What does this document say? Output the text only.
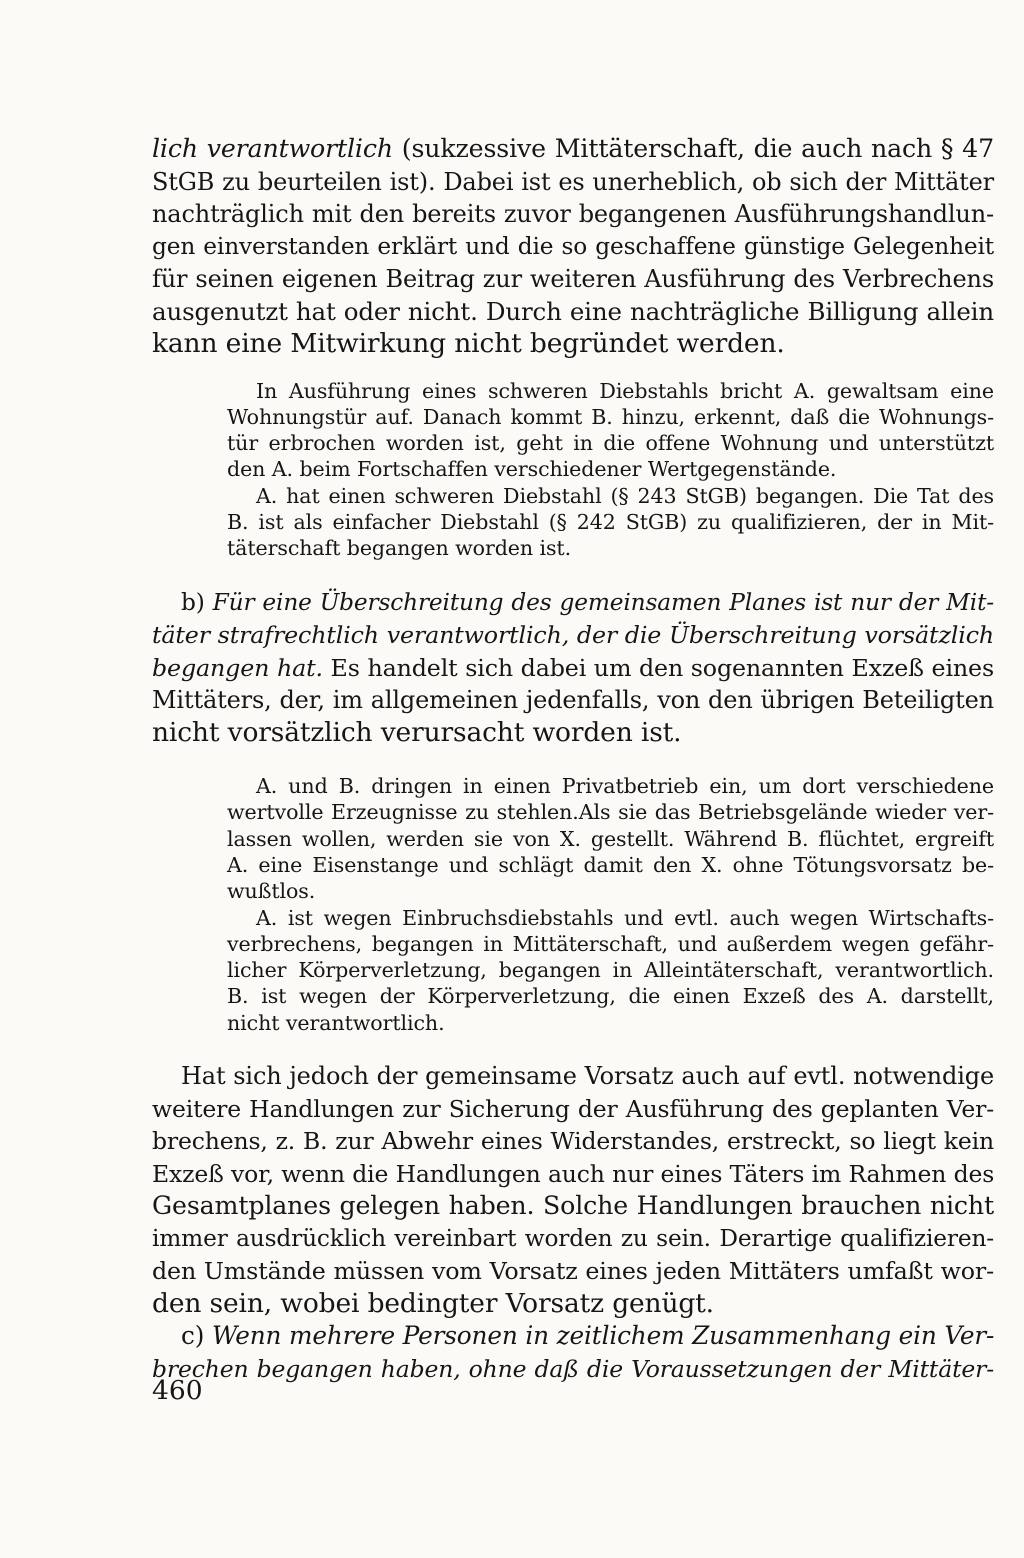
lich verantwortlich (sukzessive Mittäterschaft, die auch nach § 47
StGB zu beurteilen ist). Dabei ist es unerheblich, ob sich der Mittäter
nachträglich mit den bereits zuvor begangenen Ausführungshandlun-
gen einverstanden erklärt und die so geschaffene günstige Gelegenheit
für seinen eigenen Beitrag zur weiteren Ausführung des Verbrechens
ausgenutzt hat oder nicht. Durch eine nachträgliche Billigung allein
kann eine Mitwirkung nicht begründet werden.

In Ausführung eines schweren Diebstahls bricht A. gewaltsam eine
Wohnungstür auf. Danach kommt B. hinzu, erkennt, daß die Wohnungs-
tür erbrochen worden ist, geht in die offene Wohnung und unterstützt
den A. beim Fortschaffen verschiedener Wertgegenstände.
A. hat einen schweren Diebstahl (§ 243 StGB) begangen. Die Tat des
B. ist als einfacher Diebstahl (§ 242 StGB) zu qualifizieren, der in Mit-
täterschaft begangen worden ist.

b) Für eine Überschreitung des gemeinsamen Planes ist nur der Mit-
täter strafrechtlich verantwortlich, der die Überschreitung vorsätzlich
begangen hat. Es handelt sich dabei um den sogenannten Exzeß eines
Mittäters, der, im allgemeinen jedenfalls, von den übrigen Beteiligten
nicht vorsätzlich verursacht worden ist.

A. und B. dringen in einen Privatbetrieb ein, um dort verschiedene
wertvolle Erzeugnisse zu stehlen.Als sie das Betriebsgelände wieder ver-
lassen wollen, werden sie von X. gestellt. Während B. flüchtet, ergreift
A. eine Eisenstange und schlägt damit den X. ohne Tötungsvorsatz be-
wußtlos.
A. ist wegen Einbruchsdiebstahls und evtl. auch wegen Wirtschafts-
verbrechens, begangen in Mittäterschaft, und außerdem wegen gefähr-
licher Körperverletzung, begangen in Alleintäterschaft, verantwortlich.
B. ist wegen der Körperverletzung, die einen Exzeß des A. darstellt,
nicht verantwortlich.

Hat sich jedoch der gemeinsame Vorsatz auch auf evtl. notwendige
weitere Handlungen zur Sicherung der Ausführung des geplanten Ver-
brechens, z. B. zur Abwehr eines Widerstandes, erstreckt, so liegt kein
Exzeß vor, wenn die Handlungen auch nur eines Täters im Rahmen des
Gesamtplanes gelegen haben. Solche Handlungen brauchen nicht
immer ausdrücklich vereinbart worden zu sein. Derartige qualifizieren-
den Umstände müssen vom Vorsatz eines jeden Mittäters umfaßt wor-
den sein, wobei bedingter Vorsatz genügt.

c) Wenn mehrere Personen in zeitlichem Zusammenhang ein Ver-
brechen begangen haben, ohne daß die Voraussetzungen der Mittäter-

460
